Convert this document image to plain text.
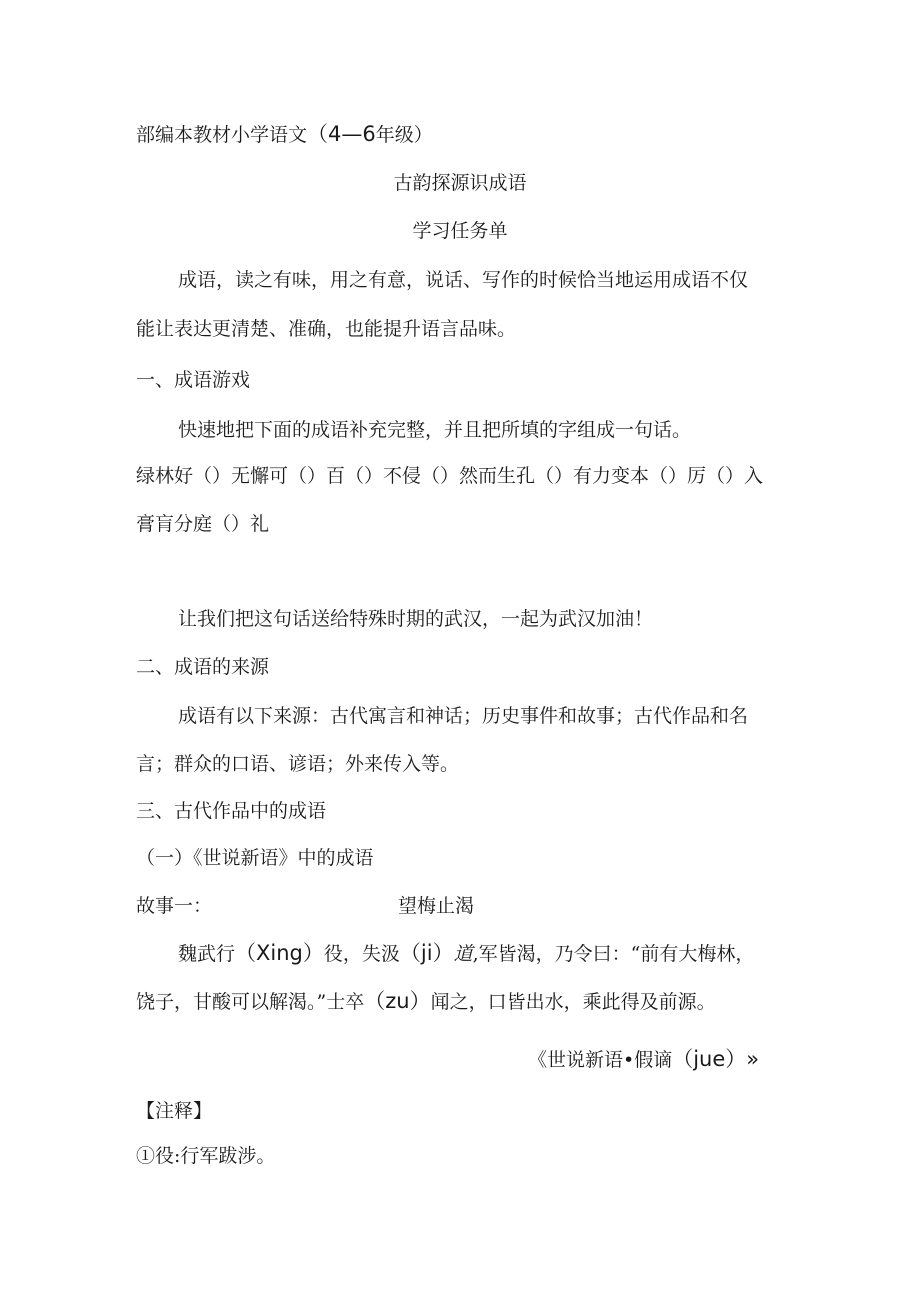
部编本教材小学语文（4—6年级）
古韵探源识成语
学习任务单
成语，读之有味，用之有意，说话、写作的时候恰当地运用成语不仅
能让表达更清楚、准确，也能提升语言品味。
一、成语游戏
快速地把下面的成语补充完整，并且把所填的字组成一句话。
绿林好（）无懈可（）百（）不侵（）然而生孔（）有力变本（）厉（）入
膏肓分庭（）礼
让我们把这句话送给特殊时期的武汉，一起为武汉加油！
二、成语的来源
成语有以下来源：古代寓言和神话；历史事件和故事；古代作品和名
言；群众的口语、谚语；外来传入等。
三、古代作品中的成语
（一）《世说新语》中的成语
故事一：	望梅止渴
魏武行（Xing）役，失汲（ji）道,军皆渴，乃令曰：“前有大梅林，
饶子，甘酸可以解渴。”士卒（zu）闻之，口皆出水，乘此得及前源。
《世说新语•假谪（jue）»
【注释】
①役:行军跋涉。
